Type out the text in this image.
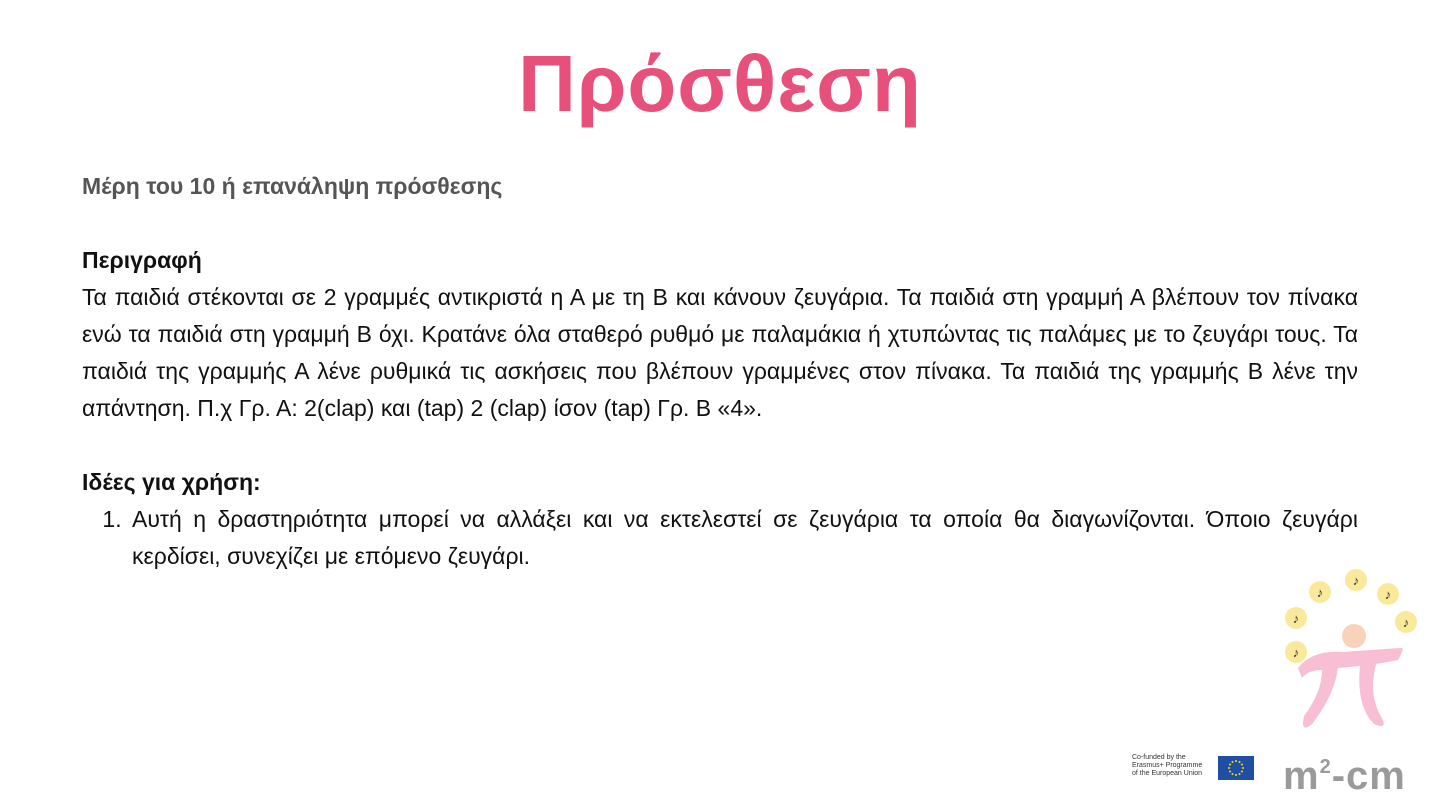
Πρόσθεση

Μέρη του 10 ή επανάληψη πρόσθεσης

Περιγραφή

Τα παιδιά στέκονται σε 2 γραμμές αντικριστά η Α με τη Β και κάνουν ζευγάρια. Τα παιδιά στη γραμμή Α βλέπουν τον πίνακα ενώ τα παιδιά στη γραμμή Β όχι. Κρατάνε όλα σταθερό ρυθμό με παλαμάκια ή χτυπώντας τις παλάμες με το ζευγάρι τους. Τα παιδιά της γραμμής Α λένε ρυθμικά τις ασκήσεις που βλέπουν γραμμένες στον πίνακα. Τα παιδιά της γραμμής Β λένε την απάντηση. Π.χ Γρ. Α: 2(clap) και (tap) 2 (clap) ίσον (tap) Γρ. Β «4».

Ιδέες για χρήση:

1. Αυτή η δραστηριότητα μπορεί να αλλάξει και να εκτελεστεί σε ζευγάρια τα οποία θα διαγωνίζονται. Όποιο ζευγάρι κερδίσει, συνεχίζει με επόμενο ζευγάρι.
♪
♪
♪
♪
♪
♪
Co-funded by the
Erasmus+ Programme
of the European Union $m^2-cm$
